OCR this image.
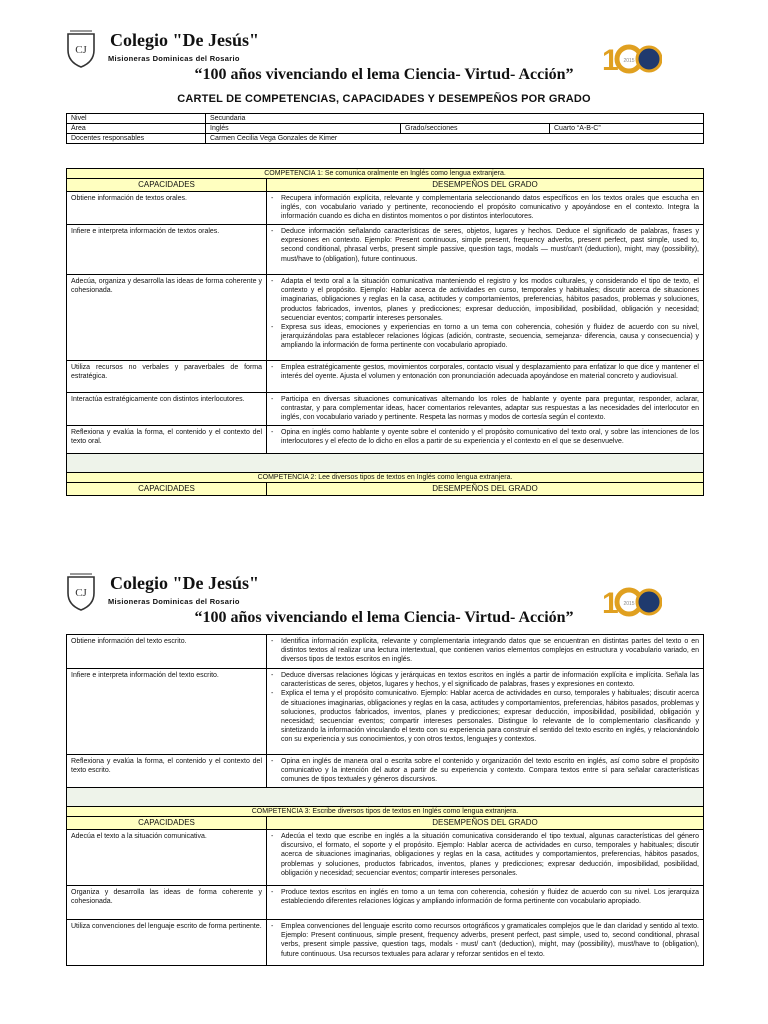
CJ Colegio "De Jesús"
Misioneras Dominicas del Rosario
“100 años vivenciando el lema Ciencia- Virtud- Acción” 1 2015
CARTEL DE COMPETENCIAS, CAPACIDADES Y DESEMPEÑOS POR GRADO
Nivel	Secundaria		
Área	Inglés	Grado/secciones	Cuarto “A-B-C”
Docentes responsables	Carmen Cecilia Vega Gonzales de Kimer		
COMPETENCIA 1: Se comunica oralmente en Inglés como lengua extranjera.	
CAPACIDADES	DESEMPEÑOS DEL GRADO
Obtiene información de textos orales.	- Recupera información explícita, relevante y complementaria seleccionando datos específicos en los textos orales que escucha en inglés, con vocabulario variado y pertinente, reconociendo el propósito comunicativo y apoyándose en el contexto. Integra la información cuando es dicha en distintos momentos o por distintos interlocutores.

Infiere e interpreta información de textos orales.	- Deduce información señalando características de seres, objetos, lugares y hechos. Deduce el significado de palabras, frases y expresiones en contexto. Ejemplo: Present continuous, simple present, frequency adverbs, present perfect, past simple, used to, second conditional, phrasal verbs, present simple passive, question tags, modals — must/can't (deduction), might, may (possibility), must/have to (obligation), future continuous.

Adecúa, organiza y desarrolla las ideas de forma coherente y cohesionada.	- Adapta el texto oral a la situación comunicativa manteniendo el registro y los modos culturales, y considerando el tipo de texto, el contexto y el propósito. Ejemplo: Hablar acerca de actividades en curso, temporales y habituales; discutir acerca de situaciones imaginarias, obligaciones y reglas en la casa, actitudes y comportamientos, preferencias, hábitos pasados, problemas y soluciones, productos fabricados, inventos, planes y predicciones; expresar deducción, imposibilidad, posibilidad, obligación y necesidad; secuenciar eventos; compartir intereses personales.
- Expresa sus ideas, emociones y experiencias en torno a un tema con coherencia, cohesión y fluidez de acuerdo con su nivel, jerarquizándolas para establecer relaciones lógicas (adición, contraste, secuencia, semejanza- diferencia, causa y consecuencia) y ampliando la información de forma pertinente con vocabulario apropiado.

Utiliza recursos no verbales y paraverbales de forma estratégica.	- Emplea estratégicamente gestos, movimientos corporales, contacto visual y desplazamiento para enfatizar lo que dice y mantener el interés del oyente. Ajusta el volumen y entonación con pronunciación adecuada apoyándose en material concreto y audiovisual.

Interactúa estratégicamente con distintos interlocutores.	- Participa en diversas situaciones comunicativas alternando los roles de hablante y oyente para preguntar, responder, aclarar, contrastar, y para complementar ideas, hacer comentarios relevantes, adaptar sus respuestas a las necesidades del interlocutor en inglés, con vocabulario variado y pertinente. Respeta las normas y modos de cortesía según el contexto.

Reflexiona y evalúa la forma, el contenido y el contexto del texto oral.	- Opina en inglés como hablante y oyente sobre el contenido y el propósito comunicativo del texto oral, y sobre las intenciones de los interlocutores y el efecto de lo dicho en ellos a partir de su experiencia y el contexto en el que se desenvuelve.

COMPETENCIA 2: Lee diversos tipos de textos en Inglés como lengua extranjera.	
CAPACIDADES	DESEMPEÑOS DEL GRADO
CJ Colegio "De Jesús"
Misioneras Dominicas del Rosario
“100 años vivenciando el lema Ciencia- Virtud- Acción” 1 2015
Obtiene información del texto escrito.	- Identifica información explícita, relevante y complementaria integrando datos que se encuentran en distintas partes del texto o en distintos textos al realizar una lectura intertextual, que contienen varios elementos complejos en estructura y vocabulario variado, en diversos tipos de textos escritos en inglés.

Infiere e interpreta información del texto escrito.	- Deduce diversas relaciones lógicas y jerárquicas en textos escritos en inglés a partir de información explícita e implícita. Señala las características de seres, objetos, lugares y hechos, y el significado de palabras, frases y expresiones en contexto.
- Explica el tema y el propósito comunicativo. Ejemplo: Hablar acerca de actividades en curso, temporales y habituales; discutir acerca de situaciones imaginarias, obligaciones y reglas en la casa, actitudes y comportamientos, preferencias, hábitos pasados, problemas y soluciones, productos fabricados, inventos, planes y predicciones; expresar deducción, imposibilidad, posibilidad, obligación y necesidad; secuenciar eventos; compartir intereses personales. Distingue lo relevante de lo complementario clasificando y sintetizando la información vinculando el texto con su experiencia para construir el sentido del texto escrito en inglés, y relacionándolo con su experiencia y sus conocimientos, y con otros textos, lenguajes y contextos.

Reflexiona y evalúa la forma, el contenido y el contexto del texto escrito.	- Opina en inglés de manera oral o escrita sobre el contenido y organización del texto escrito en inglés, así como sobre el propósito comunicativo y la intención del autor a partir de su experiencia y contexto. Compara textos entre sí para señalar características comunes de tipos textuales y géneros discursivos.

COMPETENCIA 3: Escribe diversos tipos de textos en Inglés como lengua extranjera.	
CAPACIDADES	DESEMPEÑOS DEL GRADO
Adecúa el texto a la situación comunicativa.	- Adecúa el texto que escribe en inglés a la situación comunicativa considerando el tipo textual, algunas características del género discursivo, el formato, el soporte y el propósito. Ejemplo: Hablar acerca de actividades en curso, temporales y habituales; discutir acerca de situaciones imaginarias, obligaciones y reglas en la casa, actitudes y comportamientos, preferencias, hábitos pasados, problemas y soluciones, productos fabricados, inventos, planes y predicciones; expresar deducción, imposibilidad, posibilidad, obligación y necesidad; secuenciar eventos; compartir intereses personales.

Organiza y desarrolla las ideas de forma coherente y cohesionada.	- Produce textos escritos en inglés en torno a un tema con coherencia, cohesión y fluidez de acuerdo con su nivel. Los jerarquiza estableciendo diferentes relaciones lógicas y ampliando información de forma pertinente con vocabulario apropiado.

Utiliza convenciones del lenguaje escrito de forma pertinente.	- Emplea convenciones del lenguaje escrito como recursos ortográficos y gramaticales complejos que le dan claridad y sentido al texto. Ejemplo: Present continuous, simple present, frequency adverbs, present perfect, past simple, used to, second conditional, phrasal verbs, present simple passive, question tags, modals - must/ can't (deduction), might, may (possibility), must/have to (obligation), future continuous. Usa recursos textuales para aclarar y reforzar sentidos en el texto.
